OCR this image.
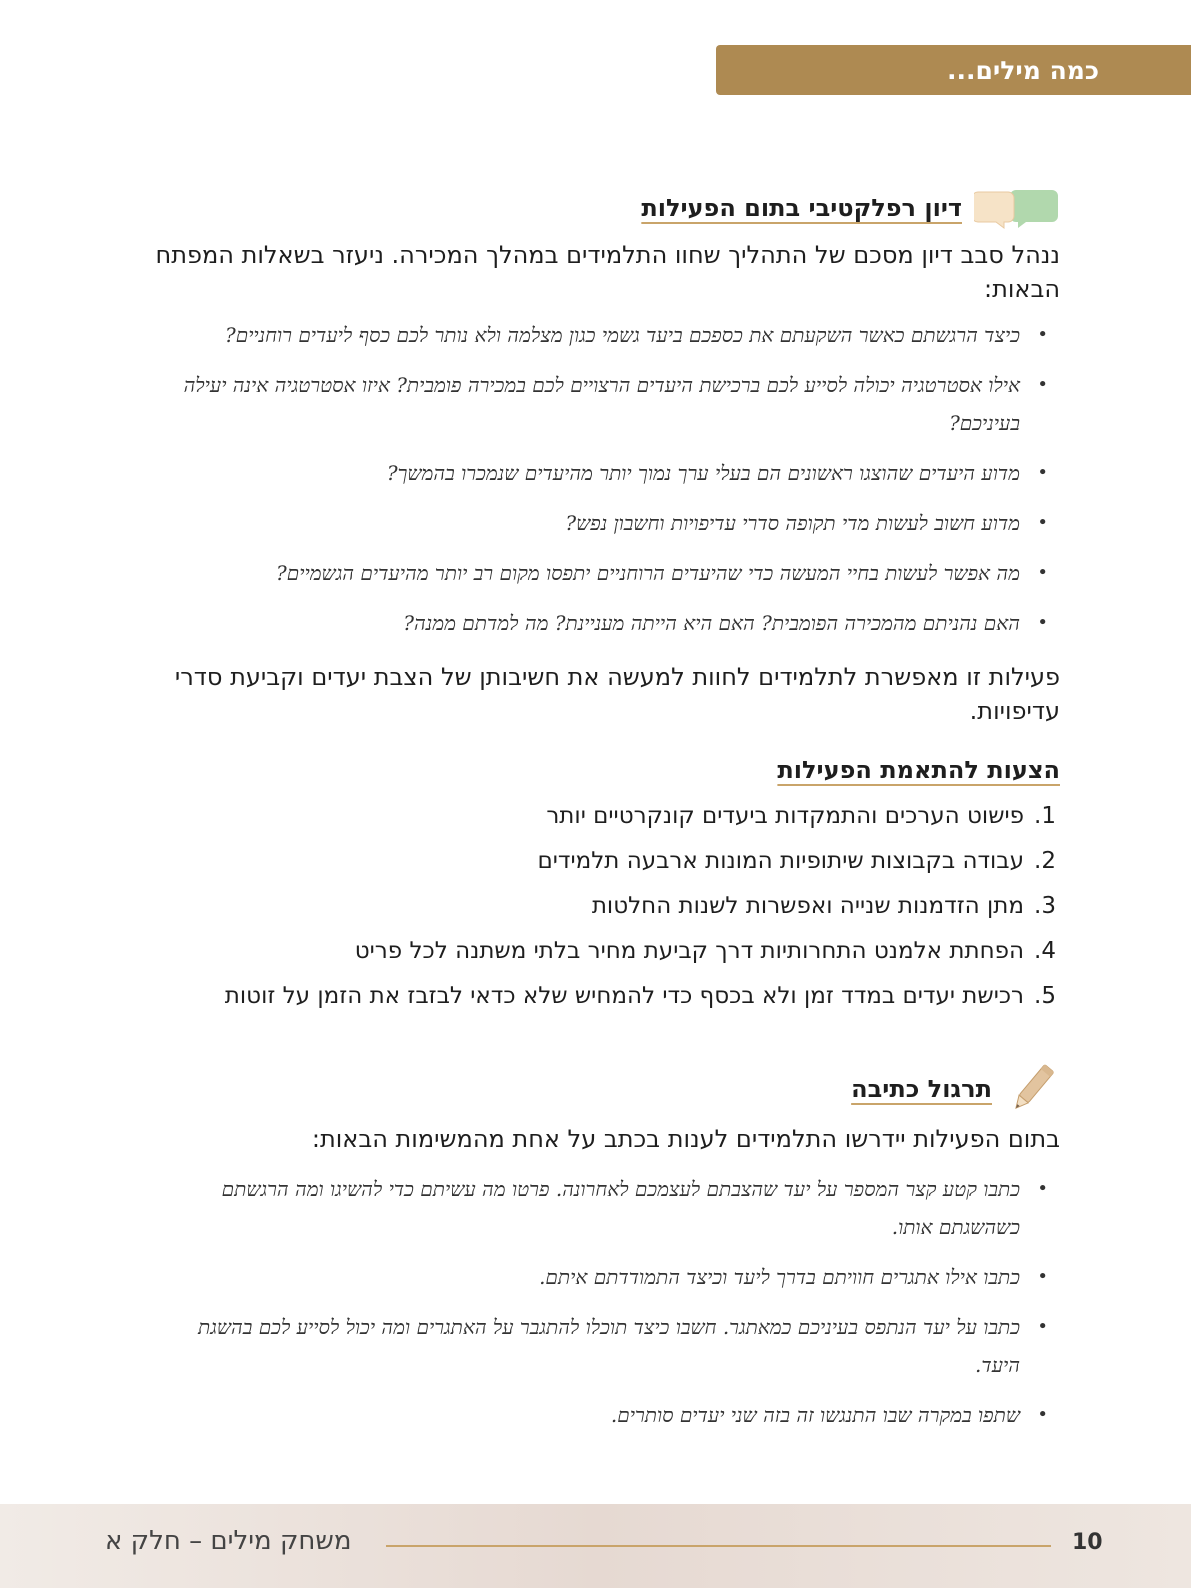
כמה מילים...
דיון רפלקטיבי בתום הפעילות

ננהל סבב דיון מסכם של התהליך שחוו התלמידים במהלך המכירה. ניעזר בשאלות המפתח הבאות:

•
כיצד הרגשתם כאשר השקעתם את כספכם ביעד גשמי כגון מצלמה ולא נותר לכם כסף ליעדים רוחניים?
•
אילו אסטרטגיה יכולה לסייע לכם ברכישת היעדים הרצויים לכם במכירה פומבית? איזו אסטרטגיה אינה יעילה בעיניכם?
•
מדוע היעדים שהוצגו ראשונים הם בעלי ערך נמוך יותר מהיעדים שנמכרו בהמשך?
•
מדוע חשוב לעשות מדי תקופה סדרי עדיפויות וחשבון נפש?
•
מה אפשר לעשות בחיי המעשה כדי שהיעדים הרוחניים יתפסו מקום רב יותר מהיעדים הגשמיים?
•
האם נהניתם מהמכירה הפומבית? האם היא הייתה מעניינת? מה למדתם ממנה?

פעילות זו מאפשרת לתלמידים לחוות למעשה את חשיבותן של הצבת יעדים וקביעת סדרי עדיפויות.

הצעות להתאמת הפעילות
1.
פישוט הערכים והתמקדות ביעדים קונקרטיים יותר
2.
עבודה בקבוצות שיתופיות המונות ארבעה תלמידים
3.
מתן הזדמנות שנייה ואפשרות לשנות החלטות
4.
הפחתת אלמנט התחרותיות דרך קביעת מחיר בלתי משתנה לכל פריט
5.
רכישת יעדים במדד זמן ולא בכסף כדי להמחיש שלא כדאי לבזבז את הזמן על זוטות
תרגול כתיבה

בתום הפעילות יידרשו התלמידים לענות בכתב על אחת מהמשימות הבאות:

•
כתבו קטע קצר המספר על יעד שהצבתם לעצמכם לאחרונה. פרטו מה עשיתם כדי להשיגו ומה הרגשתם כשהשגתם אותו.
•
כתבו אילו אתגרים חוויתם בדרך ליעד וכיצד התמודדתם איתם.
•
כתבו על יעד הנתפס בעיניכם כמאתגר. חשבו כיצד תוכלו להתגבר על האתגרים ומה יכול לסייע לכם בהשגת היעד.
•
שתפו במקרה שבו התנגשו זה בזה שני יעדים סותרים.
משחק מילים – חלק א	10
